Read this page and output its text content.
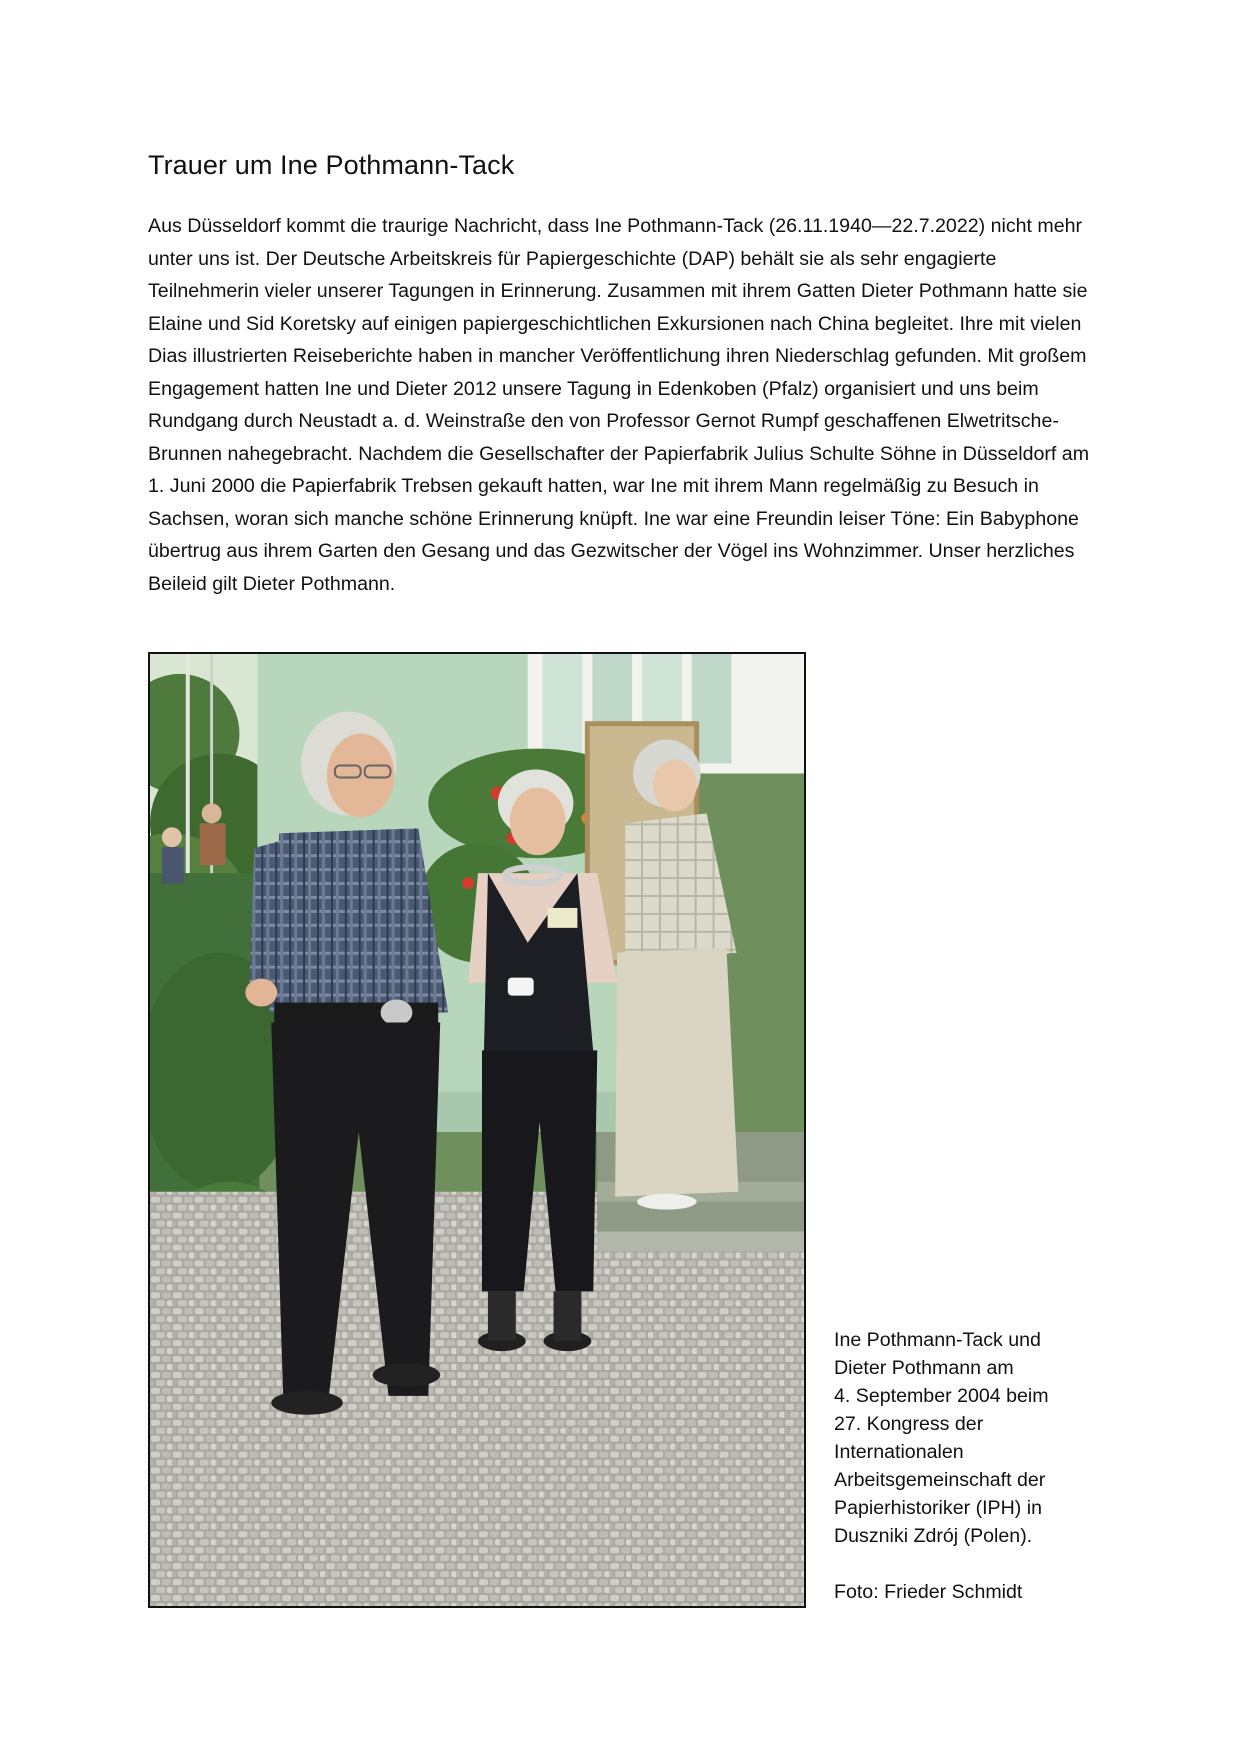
Trauer um Ine Pothmann-Tack

Aus Düsseldorf kommt die traurige Nachricht, dass Ine Pothmann-Tack (26.11.1940—22.7.2022) nicht mehr unter uns ist. Der Deutsche Arbeitskreis für Papiergeschichte (DAP) behält sie als sehr engagierte Teilnehmerin vieler unserer Tagungen in Erinnerung. Zusammen mit ihrem Gatten Dieter Pothmann hatte sie Elaine und Sid Koretsky auf einigen papiergeschichtlichen Exkursionen nach China begleitet. Ihre mit vielen Dias illustrierten Reiseberichte haben in mancher Veröffentlichung ihren Niederschlag gefunden. Mit großem Engagement hatten Ine und Dieter 2012 unsere Tagung in Edenkoben (Pfalz) organisiert und uns beim Rundgang durch Neustadt a. d. Weinstraße den von Professor Gernot Rumpf geschaffenen Elwetritsche-Brunnen nahegebracht. Nachdem die Gesellschafter der Papierfabrik Julius Schulte Söhne in Düsseldorf am 1. Juni 2000 die Papierfabrik Trebsen gekauft hatten, war Ine mit ihrem Mann regelmäßig zu Besuch in Sachsen, woran sich manche schöne Erinnerung knüpft. Ine war eine Freundin leiser Töne: Ein Babyphone übertrug aus ihrem Garten den Gesang und das Gezwitscher der Vögel ins Wohnzimmer. Unser herzliches Beileid gilt Dieter Pothmann.

Ine Pothmann-Tack und
Dieter Pothmann am
4. September 2004 beim
27. Kongress der
Internationalen
Arbeitsgemeinschaft der
Papierhistoriker (IPH) in
Duszniki Zdrój (Polen).
Foto: Frieder Schmidt
